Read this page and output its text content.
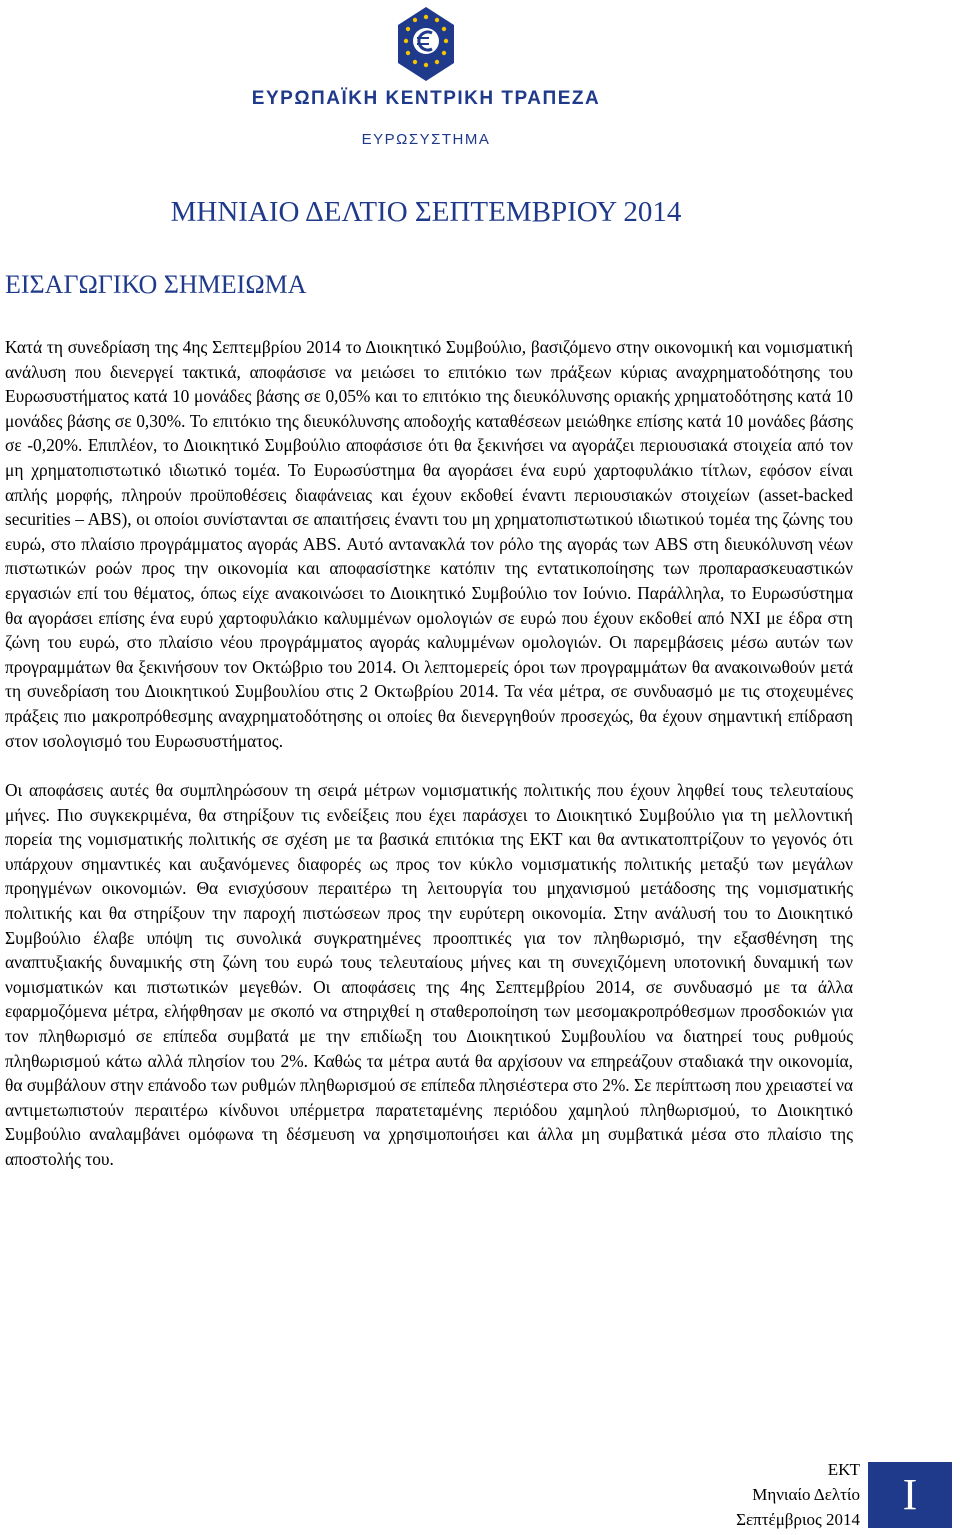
ΕΥΡΩΠΑΪΚΗ ΚΕΝΤΡΙΚΗ ΤΡΑΠΕΖΑ
ΕΥΡΩΣΥΣΤΗΜΑ
ΜΗΝΙΑΙΟ ΔΕΛΤΙΟ ΣΕΠΤΕΜΒΡΙΟΥ 2014
ΕΙΣΑΓΩΓΙΚΟ ΣΗΜΕΙΩΜΑ

Κατά τη συνεδρίαση της 4ης Σεπτεμβρίου 2014 το Διοικητικό Συμβούλιο, βασιζόμενο στην οικονομική και νομισματική ανάλυση που διενεργεί τακτικά, αποφάσισε να μειώσει το επιτόκιο των πράξεων κύριας αναχρηματοδότησης του Ευρωσυστήματος κατά 10 μονάδες βάσης σε 0,05% και το επιτόκιο της διευκόλυνσης οριακής χρηματοδότησης κατά 10 μονάδες βάσης σε 0,30%. Το επιτόκιο της διευκόλυνσης αποδοχής καταθέσεων μειώθηκε επίσης κατά 10 μονάδες βάσης σε -0,20%. Επιπλέον, το Διοικητικό Συμβούλιο αποφάσισε ότι θα ξεκινήσει να αγοράζει περιουσιακά στοιχεία από τον μη χρηματοπιστωτικό ιδιωτικό τομέα. Το Ευρωσύστημα θα αγοράσει ένα ευρύ χαρτοφυλάκιο τίτλων, εφόσον είναι απλής μορφής, πληρούν προϋποθέσεις διαφάνειας και έχουν εκδοθεί έναντι περιουσιακών στοιχείων (asset-backed securities – ABS), οι οποίοι συνίστανται σε απαιτήσεις έναντι του μη χρηματοπιστωτικού ιδιωτικού τομέα της ζώνης του ευρώ, στο πλαίσιο προγράμματος αγοράς ABS. Αυτό αντανακλά τον ρόλο της αγοράς των ABS στη διευκόλυνση νέων πιστωτικών ροών προς την οικονομία και αποφασίστηκε κατόπιν της εντατικοποίησης των προπαρασκευαστικών εργασιών επί του θέματος, όπως είχε ανακοινώσει το Διοικητικό Συμβούλιο τον Ιούνιο. Παράλληλα, το Ευρωσύστημα θα αγοράσει επίσης ένα ευρύ χαρτοφυλάκιο καλυμμένων ομολογιών σε ευρώ που έχουν εκδοθεί από ΝΧΙ με έδρα στη ζώνη του ευρώ, στο πλαίσιο νέου προγράμματος αγοράς καλυμμένων ομολογιών. Οι παρεμβάσεις μέσω αυτών των προγραμμάτων θα ξεκινήσουν τον Οκτώβριο του 2014. Οι λεπτομερείς όροι των προγραμμάτων θα ανακοινωθούν μετά τη συνεδρίαση του Διοικητικού Συμβουλίου στις 2 Οκτωβρίου 2014. Τα νέα μέτρα, σε συνδυασμό με τις στοχευμένες πράξεις πιο μακροπρόθεσμης αναχρηματοδότησης οι οποίες θα διενεργηθούν προσεχώς, θα έχουν σημαντική επίδραση στον ισολογισμό του Ευρωσυστήματος.

Οι αποφάσεις αυτές θα συμπληρώσουν τη σειρά μέτρων νομισματικής πολιτικής που έχουν ληφθεί τους τελευταίους μήνες. Πιο συγκεκριμένα, θα στηρίξουν τις ενδείξεις που έχει παράσχει το Διοικητικό Συμβούλιο για τη μελλοντική πορεία της νομισματικής πολιτικής σε σχέση με τα βασικά επιτόκια της ΕΚΤ και θα αντικατοπτρίζουν το γεγονός ότι υπάρχουν σημαντικές και αυξανόμενες διαφορές ως προς τον κύκλο νομισματικής πολιτικής μεταξύ των μεγάλων προηγμένων οικονομιών. Θα ενισχύσουν περαιτέρω τη λειτουργία του μηχανισμού μετάδοσης της νομισματικής πολιτικής και θα στηρίξουν την παροχή πιστώσεων προς την ευρύτερη οικονομία. Στην ανάλυσή του το Διοικητικό Συμβούλιο έλαβε υπόψη τις συνολικά συγκρατημένες προοπτικές για τον πληθωρισμό, την εξασθένηση της αναπτυξιακής δυναμικής στη ζώνη του ευρώ τους τελευταίους μήνες και τη συνεχιζόμενη υποτονική δυναμική των νομισματικών και πιστωτικών μεγεθών. Οι αποφάσεις της 4ης Σεπτεμβρίου 2014, σε συνδυασμό με τα άλλα εφαρμοζόμενα μέτρα, ελήφθησαν με σκοπό να στηριχθεί η σταθεροποίηση των μεσομακροπρόθεσμων προσδοκιών για τον πληθωρισμό σε επίπεδα συμβατά με την επιδίωξη του Διοικητικού Συμβουλίου να διατηρεί τους ρυθμούς πληθωρισμού κάτω αλλά πλησίον του 2%. Καθώς τα μέτρα αυτά θα αρχίσουν να επηρεάζουν σταδιακά την οικονομία, θα συμβάλουν στην επάνοδο των ρυθμών πληθωρισμού σε επίπεδα πλησιέστερα στο 2%. Σε περίπτωση που χρειαστεί να αντιμετωπιστούν περαιτέρω κίνδυνοι υπέρμετρα παρατεταμένης περιόδου χαμηλού πληθωρισμού, το Διοικητικό Συμβούλιο αναλαμβάνει ομόφωνα τη δέσμευση να χρησιμοποιήσει και άλλα μη συμβατικά μέσα στο πλαίσιο της αποστολής του.

ΕΚΤ
Μηνιαίο Δελτίο
Σεπτέμβριος 2014
I
